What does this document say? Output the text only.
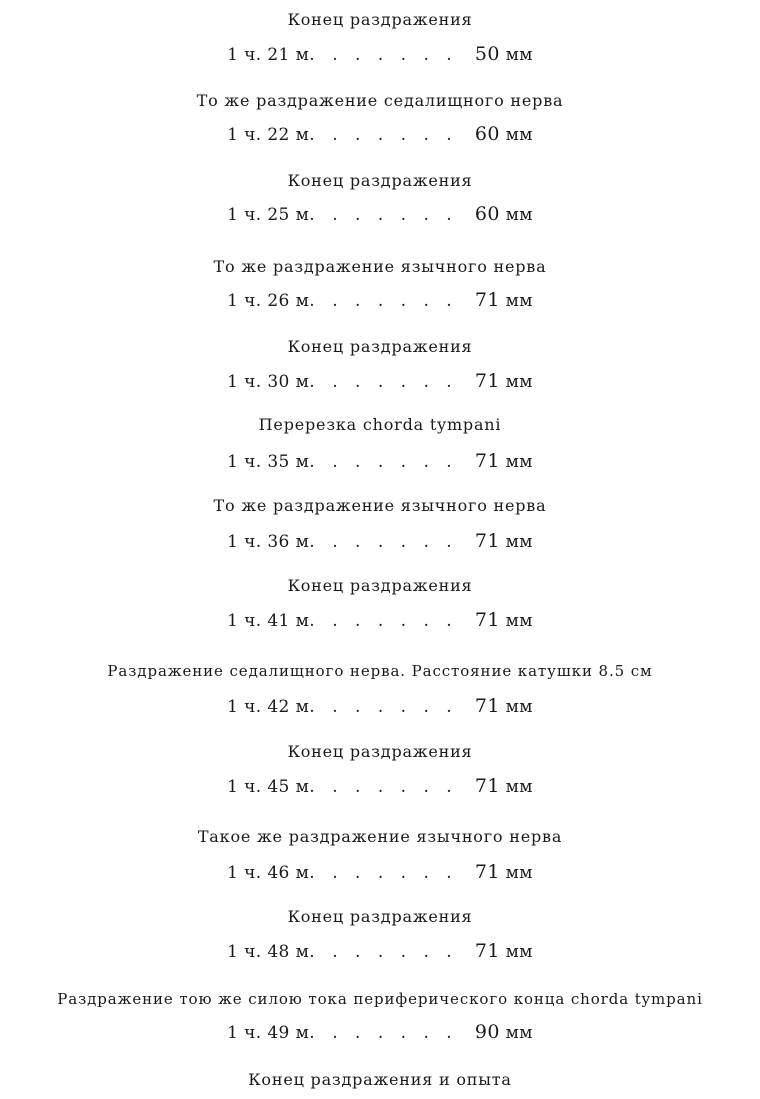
Конец раздражения
1 ч. 21 м.  . . . . . .  50 мм
То же раздражение седалищного нерва
1 ч. 22 м.  . . . . . .  60 мм
Конец раздражения
1 ч. 25 м.  . . . . . .  60 мм
То же раздражение язычного нерва
1 ч. 26 м.  . . . . . .  71 мм
Конец раздражения
1 ч. 30 м.  . . . . . .  71 мм
Перерезка chorda tympani
1 ч. 35 м.  . . . . . .  71 мм
То же раздражение язычного нерва
1 ч. 36 м.  . . . . . .  71 мм
Конец раздражения
1 ч. 41 м.  . . . . . .  71 мм
Раздражение седалищного нерва. Расстояние катушки 8.5 см
1 ч. 42 м.  . . . . . .  71 мм
Конец раздражения
1 ч. 45 м.  . . . . . .  71 мм
Такое же раздражение язычного нерва
1 ч. 46 м.  . . . . . .  71 мм
Конец раздражения
1 ч. 48 м.  . . . . . .  71 мм
Раздражение тою же силою тока периферического конца chorda tympani
1 ч. 49 м.  . . . . . .  90 мм
Конец раздражения и опыта
